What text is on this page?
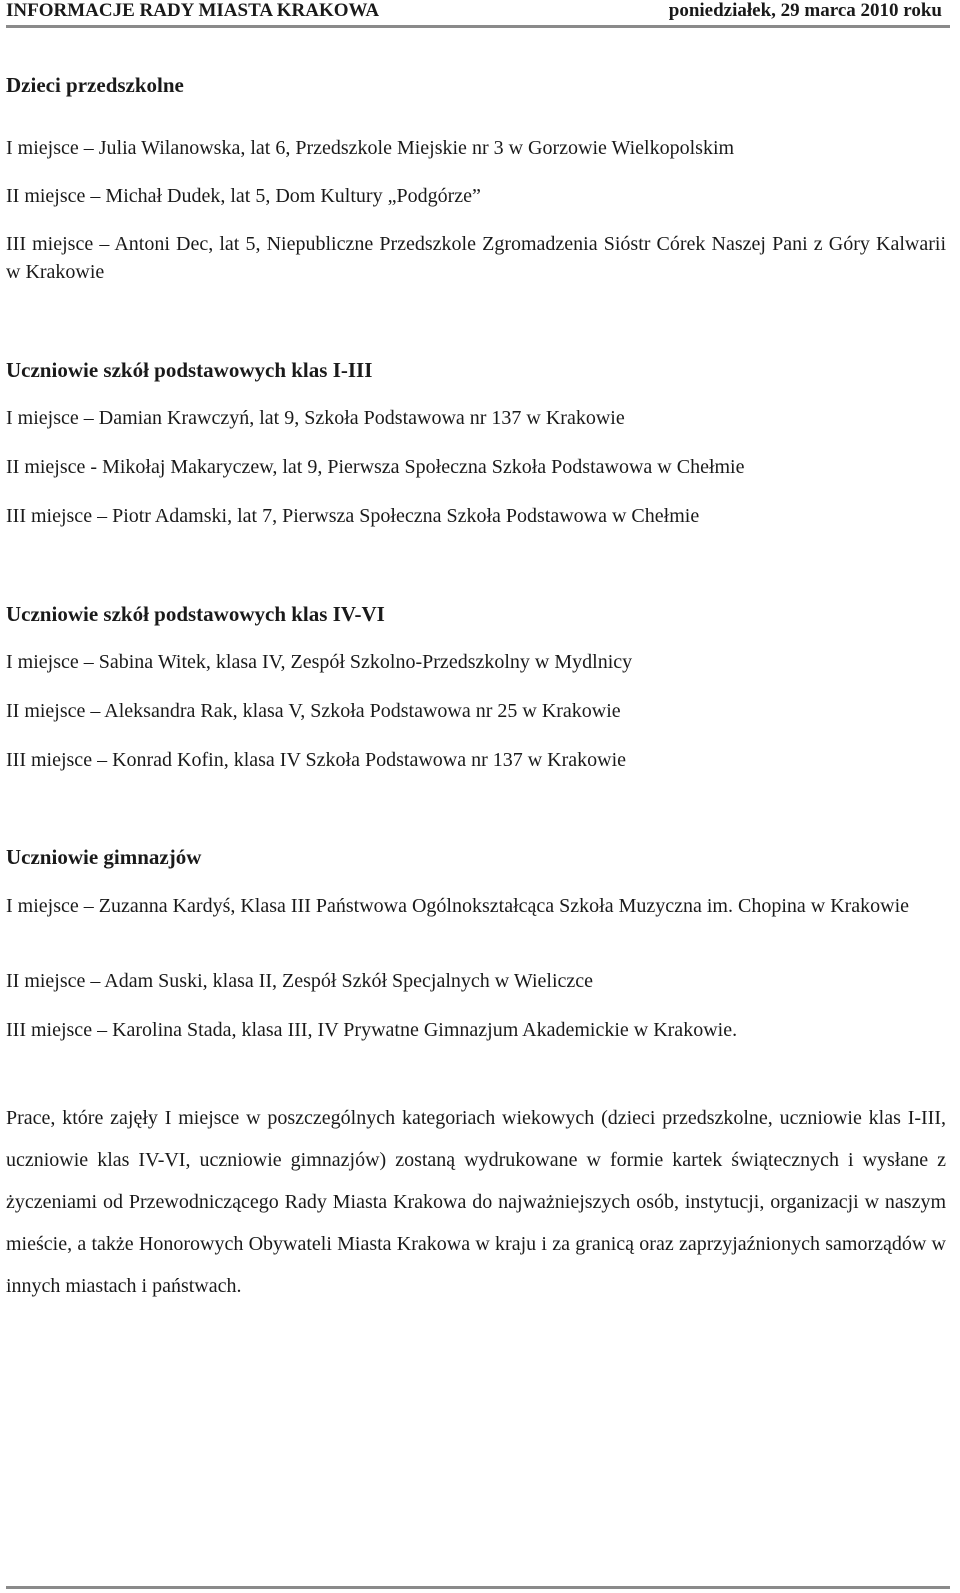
INFORMACJE RADY MIASTA KRAKOWA	poniedziałek, 29 marca 2010 roku
Dzieci przedszkolne
I miejsce – Julia Wilanowska, lat 6, Przedszkole Miejskie nr 3 w Gorzowie Wielkopolskim
II miejsce – Michał Dudek, lat 5, Dom Kultury „Podgórze”
III miejsce – Antoni Dec, lat 5, Niepubliczne Przedszkole Zgromadzenia Sióstr Córek Naszej Pani z Góry Kalwarii w Krakowie
Uczniowie szkół podstawowych klas I-III
I miejsce – Damian Krawczyń, lat 9, Szkoła Podstawowa nr 137 w Krakowie
II miejsce - Mikołaj Makaryczew, lat 9, Pierwsza Społeczna Szkoła Podstawowa w Chełmie
III miejsce – Piotr Adamski, lat 7, Pierwsza Społeczna Szkoła Podstawowa w Chełmie
Uczniowie szkół podstawowych klas IV-VI
I miejsce – Sabina Witek, klasa IV, Zespół Szkolno-Przedszkolny w Mydlnicy
II miejsce – Aleksandra Rak, klasa V, Szkoła Podstawowa nr 25 w Krakowie
III miejsce – Konrad Kofin, klasa IV Szkoła Podstawowa nr 137 w Krakowie
Uczniowie gimnazjów
I miejsce – Zuzanna Kardyś, Klasa III Państwowa Ogólnokształcąca Szkoła Muzyczna im. Chopina w Krakowie
II miejsce – Adam Suski, klasa II, Zespół Szkół Specjalnych w Wieliczce
III miejsce – Karolina Stada, klasa III, IV Prywatne Gimnazjum Akademickie w Krakowie.
Prace, które zajęły I miejsce w poszczególnych kategoriach wiekowych (dzieci przedszkolne, uczniowie klas I-III, uczniowie klas IV-VI, uczniowie gimnazjów) zostaną wydrukowane w formie kartek świątecznych i wysłane z życzeniami od Przewodniczącego Rady Miasta Krakowa do najważniejszych osób, instytucji, organizacji w naszym mieście, a także Honorowych Obywateli Miasta Krakowa w kraju i za granicą oraz zaprzyjaźnionych samorządów w innych miastach i państwach.
